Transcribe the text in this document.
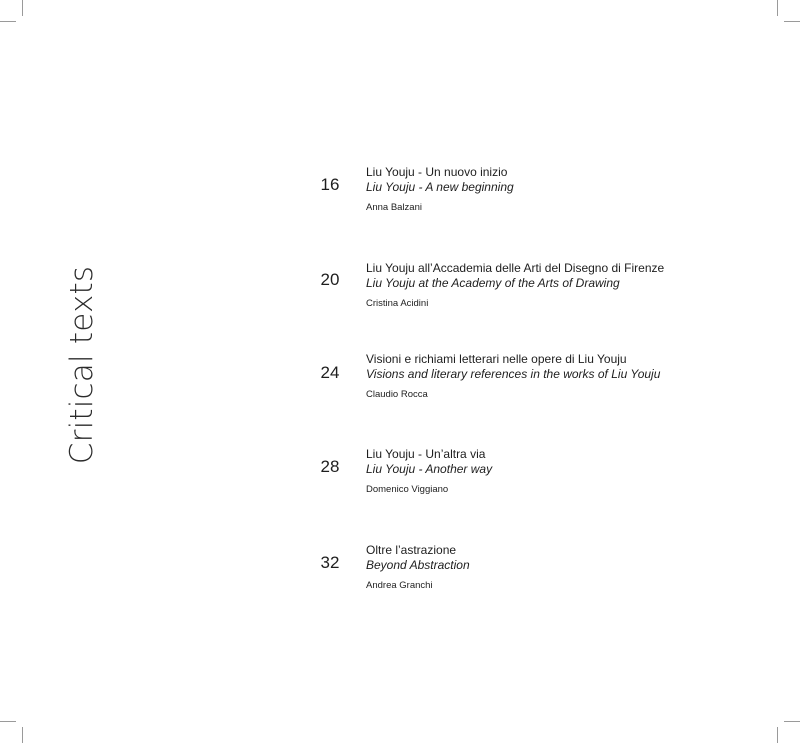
Critical texts
16
Liu Youju - Un nuovo inizio
Liu Youju - A new beginning
Anna Balzani
20
Liu Youju all’Accademia delle Arti del Disegno di Firenze
Liu Youju at the Academy of the Arts of Drawing
Cristina Acidini
24
Visioni e richiami letterari nelle opere di Liu Youju
Visions and literary references in the works of Liu Youju
Claudio Rocca
28
Liu Youju - Un’altra via
Liu Youju - Another way
Domenico Viggiano
32
Oltre l’astrazione
Beyond Abstraction
Andrea Granchi
